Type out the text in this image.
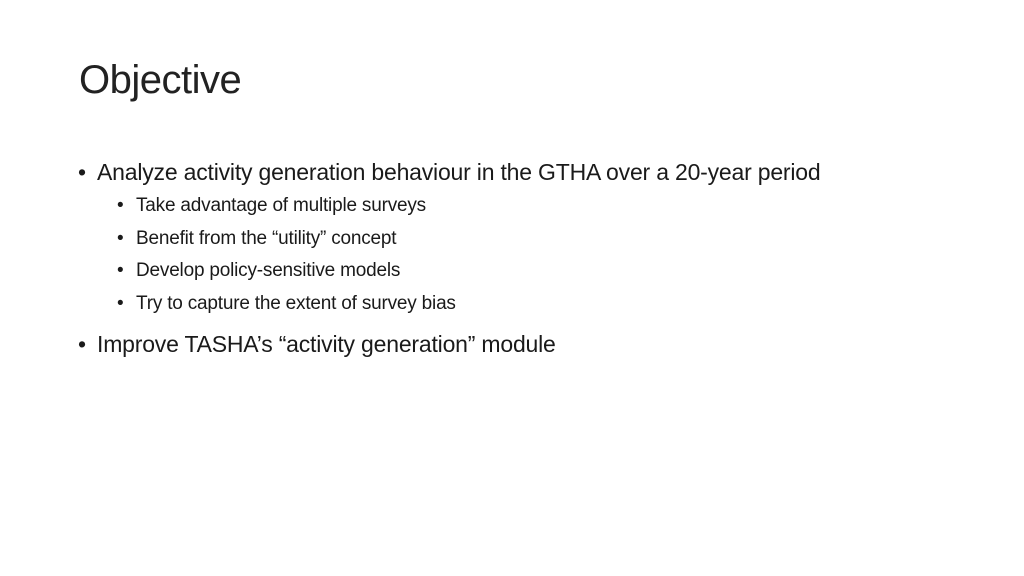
Objective
• Analyze activity generation behaviour in the GTHA over a 20-year period
• Take advantage of multiple surveys
• Benefit from the “utility” concept
• Develop policy-sensitive models
• Try to capture the extent of survey bias
• Improve TASHA’s “activity generation” module
